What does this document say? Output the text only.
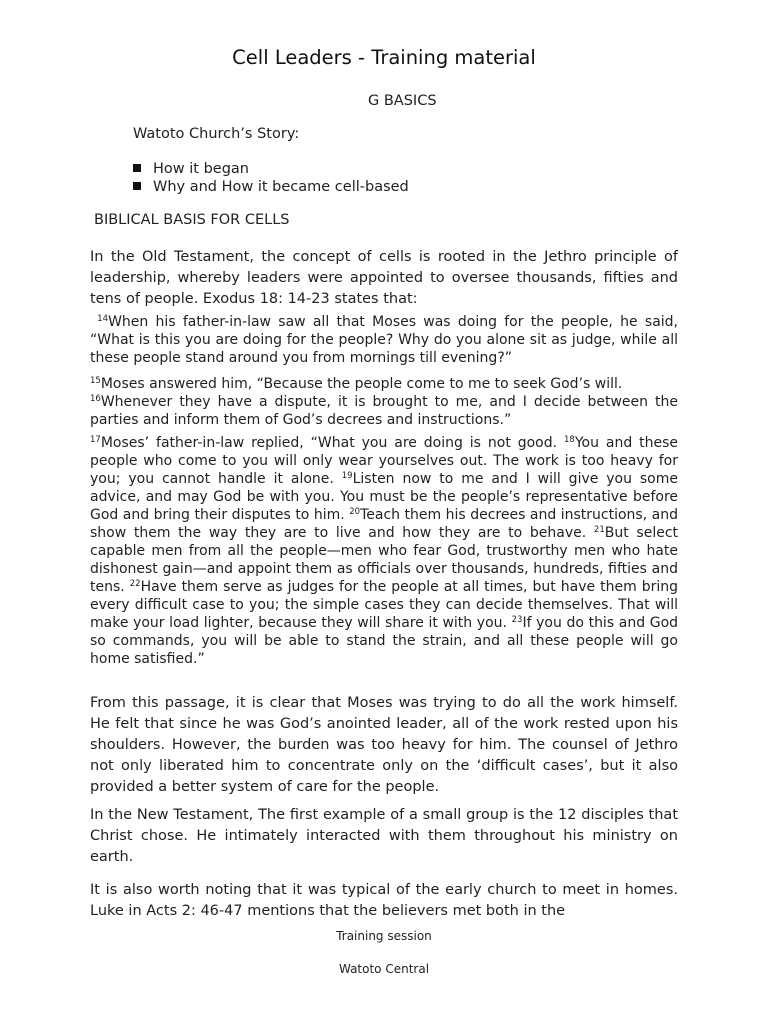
Cell Leaders - Training material
G BASICS
Watoto Church’s Story:
How it began
Why and How it became cell-based
BIBLICAL BASIS FOR CELLS

In the Old Testament, the concept of cells is rooted in the Jethro principle of leadership, whereby leaders were appointed to oversee thousands, fifties and tens of people. Exodus 18: 14-23 states that:

$^{14}$When his father-in-law saw all that Moses was doing for the people, he said, “What is this you are doing for the people? Why do you alone sit as judge, while all these people stand around you from mornings till evening?”

$^{15}$Moses answered him, “Because the people come to me to seek God’s will.
$^{16}$Whenever they have a dispute, it is brought to me, and I decide between the parties and inform them of God’s decrees and instructions.”

$^{17}$Moses’ father-in-law replied, “What you are doing is not good. $^{18}$You and these people who come to you will only wear yourselves out. The work is too heavy for you; you cannot handle it alone. $^{19}$Listen now to me and I will give you some advice, and may God be with you. You must be the people’s representative before God and bring their disputes to him. $^{20}$Teach them his decrees and instructions, and show them the way they are to live and how they are to behave. $^{21}$But select capable men from all the people—men who fear God, trustworthy men who hate dishonest gain—and appoint them as officials over thousands, hundreds, fifties and tens. $^{22}$Have them serve as judges for the people at all times, but have them bring every difficult case to you; the simple cases they can decide themselves. That will make your load lighter, because they will share it with you. $^{23}$If you do this and God so commands, you will be able to stand the strain, and all these people will go home satisfied.”

From this passage, it is clear that Moses was trying to do all the work himself. He felt that since he was God’s anointed leader, all of the work rested upon his shoulders. However, the burden was too heavy for him. The counsel of Jethro not only liberated him to concentrate only on the ‘difficult cases’, but it also provided a better system of care for the people.

In the New Testament, The first example of a small group is the 12 disciples that Christ chose. He intimately interacted with them throughout his ministry on earth.

It is also worth noting that it was typical of the early church to meet in homes. Luke in Acts 2: 46-47 mentions that the believers met both in the

Training session
Watoto Central
